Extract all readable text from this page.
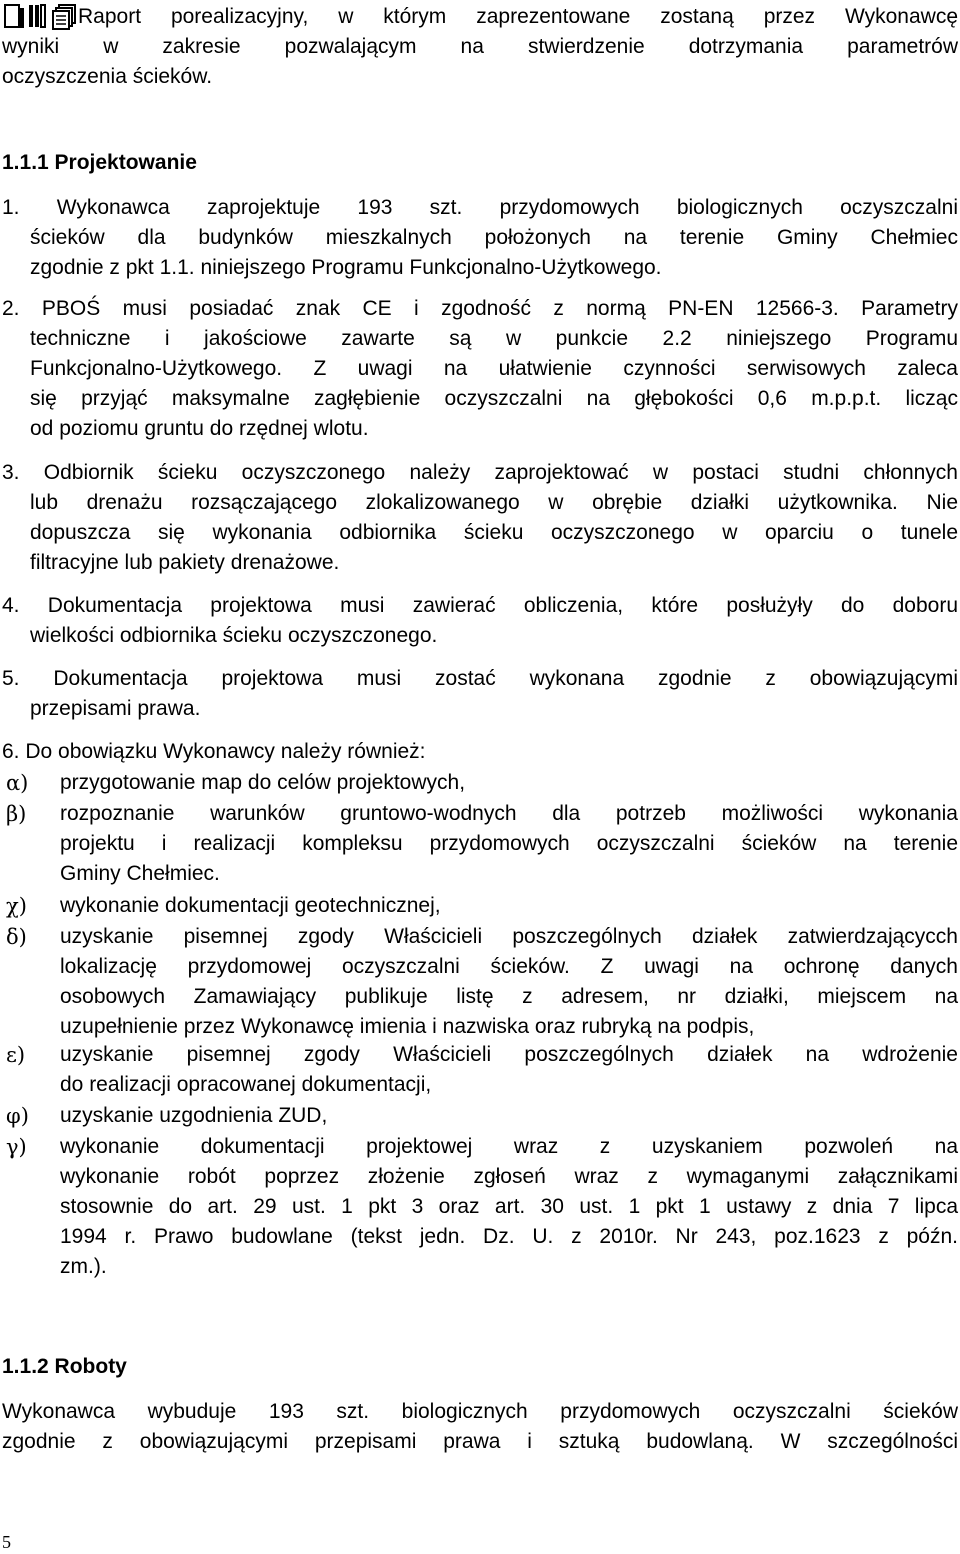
Raport porealizacyjny, w którym zaprezentowane zostaną przez Wykonawcę
wyniki w zakresie pozwalającym na stwierdzenie dotrzymania parametrów
oczyszczenia ścieków.
1.1.1 Projektowanie
1. Wykonawca zaprojektuje 193 szt. przydomowych biologicznych oczyszczalni
ścieków dla budynków mieszkalnych położonych na terenie Gminy Chełmiec
zgodnie z pkt 1.1. niniejszego Programu Funkcjonalno-Użytkowego.
2. PBOŚ musi posiadać znak CE i zgodność z normą PN-EN 12566-3. Parametry
techniczne i jakościowe zawarte są w punkcie 2.2 niniejszego Programu
Funkcjonalno-Użytkowego. Z uwagi na ułatwienie czynności serwisowych zaleca
się przyjąć maksymalne zagłębienie oczyszczalni na głębokości 0,6 m.p.p.t. licząc
od poziomu gruntu do rzędnej wlotu.
3. Odbiornik ścieku oczyszczonego należy zaprojektować w postaci studni chłonnych
lub drenażu rozsączającego zlokalizowanego w obrębie działki użytkownika. Nie
dopuszcza się wykonania odbiornika ścieku oczyszczonego w oparciu o tunele
filtracyjne lub pakiety drenażowe.
4. Dokumentacja projektowa musi zawierać obliczenia, które posłużyły do doboru
wielkości odbiornika ścieku oczyszczonego.
5. Dokumentacja projektowa musi zostać wykonana zgodnie z obowiązującymi
przepisami prawa.
6. Do obowiązku Wykonawcy należy również:
α) przygotowanie map do celów projektowych,
β) rozpoznanie warunków gruntowo-wodnych dla potrzeb możliwości wykonania
projektu i realizacji kompleksu przydomowych oczyszczalni ścieków na terenie
Gminy Chełmiec.
χ) wykonanie dokumentacji geotechnicznej,
δ) uzyskanie pisemnej zgody Właścicieli poszczególnych działek zatwierdzającycch
lokalizację przydomowej oczyszczalni ścieków. Z uwagi na ochronę danych
osobowych Zamawiający publikuje listę z adresem, nr działki, miejscem na
uzupełnienie przez Wykonawcę imienia i nazwiska oraz rubryką na podpis,
ε) uzyskanie pisemnej zgody Właścicieli poszczególnych działek na wdrożenie
do realizacji opracowanej dokumentacji,
φ) uzyskanie uzgodnienia ZUD,
γ) wykonanie dokumentacji projektowej wraz z uzyskaniem pozwoleń na
wykonanie robót poprzez złożenie zgłoseń wraz z wymaganymi załącznikami
stosownie do art. 29 ust. 1 pkt 3 oraz art. 30 ust. 1 pkt 1 ustawy z dnia 7 lipca
1994 r. Prawo budowlane (tekst jedn. Dz. U. z 2010r. Nr 243, poz.1623 z późn.
zm.).
1.1.2 Roboty
Wykonawca wybuduje 193 szt. biologicznych przydomowych oczyszczalni ścieków
zgodnie z obowiązującymi przepisami prawa i sztuką budowlaną. W szczególności
5
